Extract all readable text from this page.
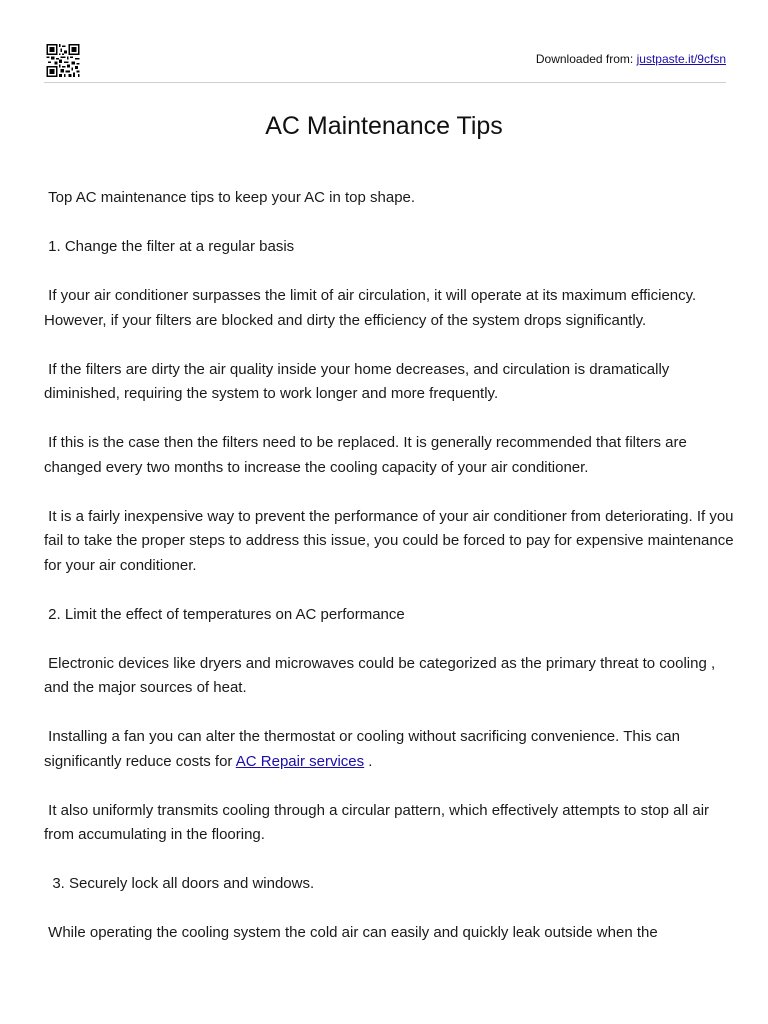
Downloaded from: justpaste.it/9cfsn
AC Maintenance Tips

Top AC maintenance tips to keep your AC in top shape.

1. Change the filter at a regular basis

If your air conditioner surpasses the limit of air circulation, it will operate at its maximum efficiency. However, if your filters are blocked and dirty the efficiency of the system drops significantly.

If the filters are dirty the air quality inside your home decreases, and circulation is dramatically diminished, requiring the system to work longer and more frequently.

If this is the case then the filters need to be replaced. It is generally recommended that filters are changed every two months to increase the cooling capacity of your air conditioner.

It is a fairly inexpensive way to prevent the performance of your air conditioner from deteriorating. If you fail to take the proper steps to address this issue, you could be forced to pay for expensive maintenance for your air conditioner.

2. Limit the effect of temperatures on AC performance

Electronic devices like dryers and microwaves could be categorized as the primary threat to cooling , and the major sources of heat.

Installing a fan you can alter the thermostat or cooling without sacrificing convenience. This can significantly reduce costs for AC Repair services .

It also uniformly transmits cooling through a circular pattern, which effectively attempts to stop all air from accumulating in the flooring.

3. Securely lock all doors and windows.

While operating the cooling system the cold air can easily and quickly leak outside when the
